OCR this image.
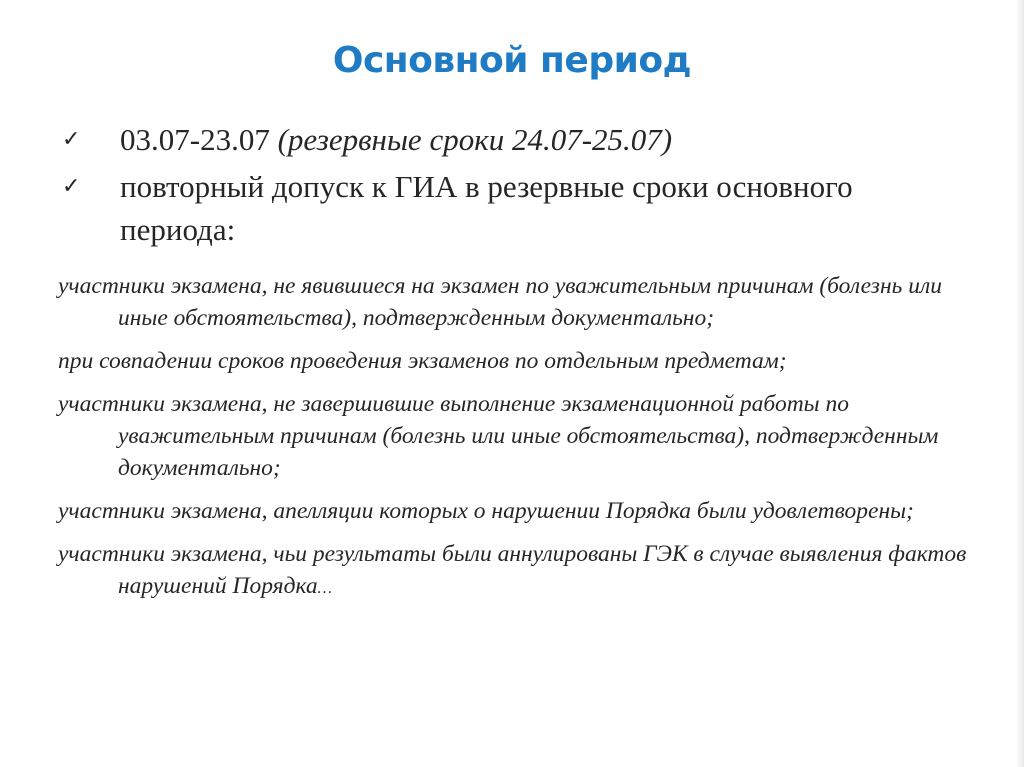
Основной период
✓	03.07-23.07 (резервные сроки 24.07-25.07)
✓	повторный допуск к ГИА в резервные сроки основного периода:

участники экзамена, не явившиеся на экзамен по уважительным причинам (болезнь или иные обстоятельства), подтвержденным документально;

при совпадении сроков проведения экзаменов по отдельным предметам;

участники экзамена, не завершившие выполнение экзаменационной работы по уважительным причинам (болезнь или иные обстоятельства), подтвержденным документально;

участники экзамена, апелляции которых о нарушении Порядка были удовлетворены;

участники экзамена, чьи результаты были аннулированы ГЭК в случае выявления фактов нарушений Порядка…
